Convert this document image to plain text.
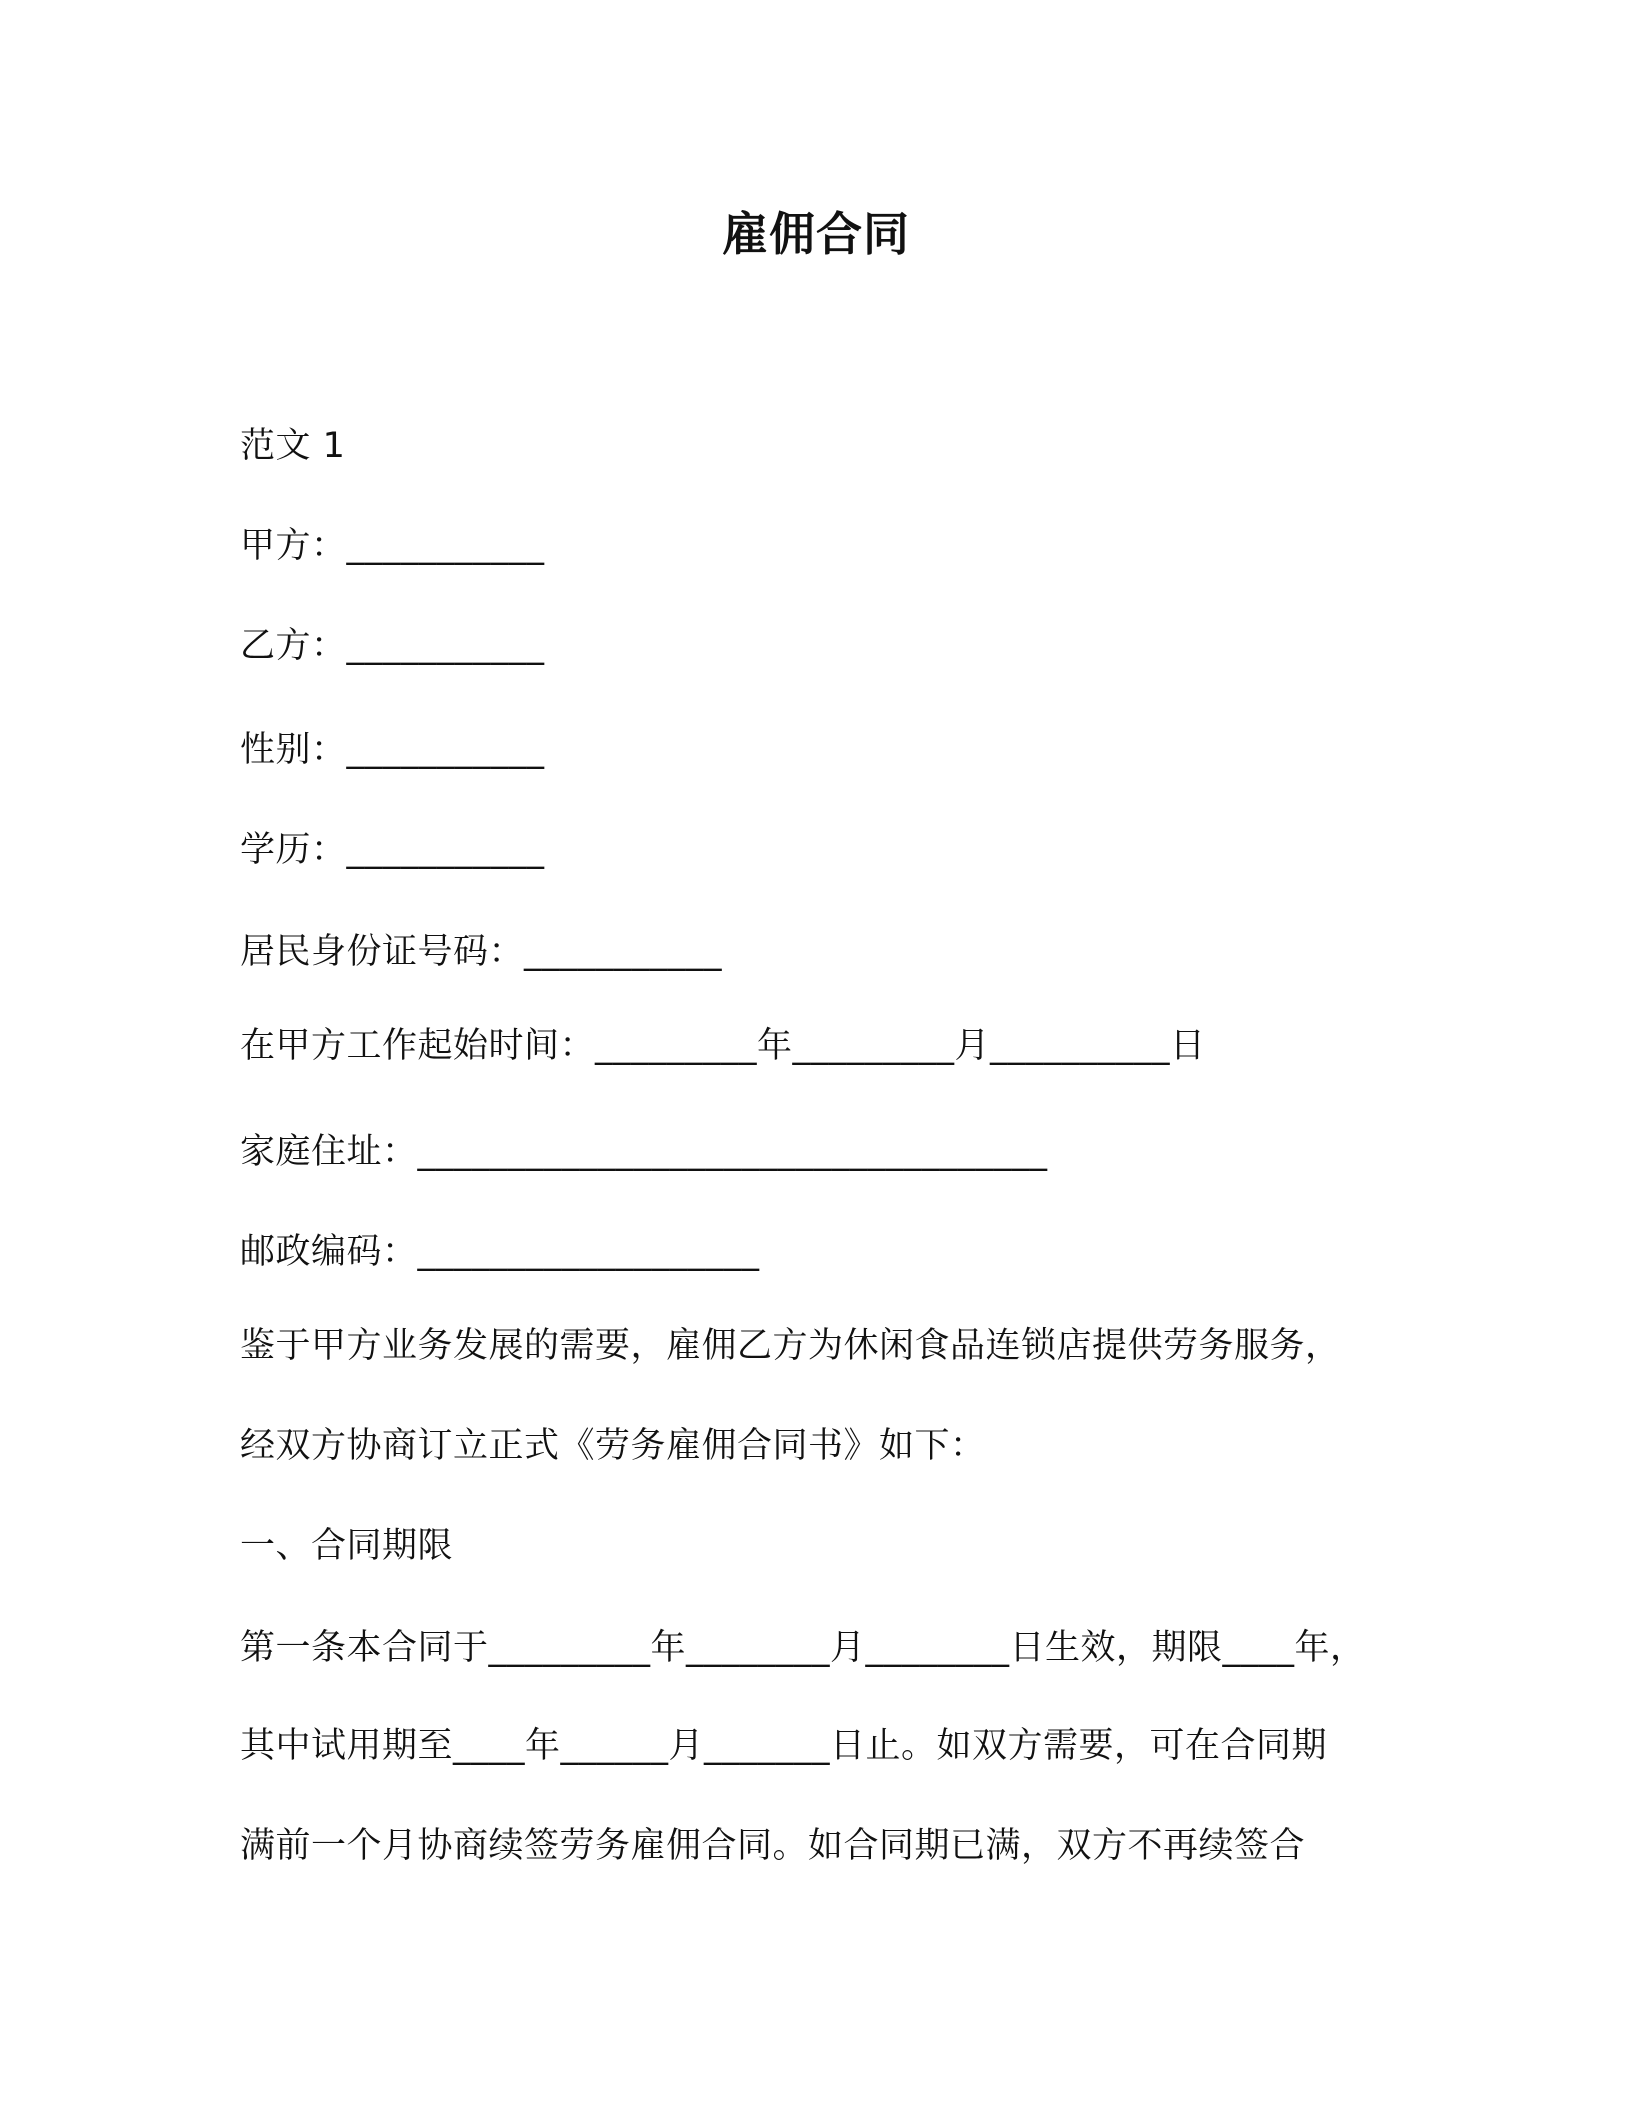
雇佣合同
范文 1
甲方：___________
乙方：___________
性别：___________
学历：___________
居民身份证号码：___________
在甲方工作起始时间：_________年_________月__________日
家庭住址：___________________________________
邮政编码：___________________
鉴于甲方业务发展的需要，雇佣乙方为休闲食品连锁店提供劳务服务，
经双方协商订立正式《劳务雇佣合同书》如下：
一、合同期限
第一条本合同于_________年________月________日生效，期限____年，
其中试用期至____年______月_______日止。如双方需要，可在合同期
满前一个月协商续签劳务雇佣合同。如合同期已满，双方不再续签合
